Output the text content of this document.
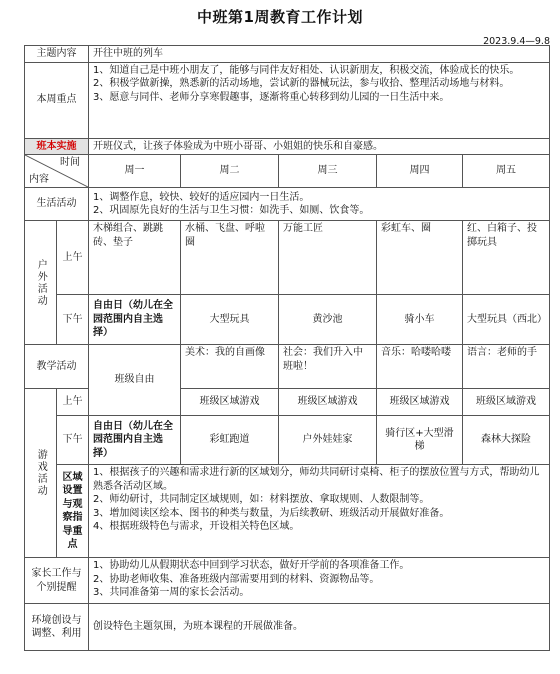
中班第1周教育工作计划
2023.9.4—9.8
主题内容		开往中班的列车				
本周重点		1、知道自己是中班小朋友了，能够与同伴友好相处、认识新朋友，积极交流，体验成长的快乐。
2、积极学做新操，熟悉新的活动场地，尝试新的器械玩法，参与收拾、整理活动场地与材料。
3、愿意与同伴、老师分享寒假趣事，逐渐将重心转移到幼儿园的一日生活中来。				

班本实施		开班仪式，让孩子体验成为中班小哥哥、小姐姐的快乐和自豪感。				

时间
内容		周一	周二	周三	周四	周五
生活活动		1、调整作息，较快、较好的适应园内一日生活。
2、巩固原先良好的生活与卫生习惯：如洗手、如厕、饮食等。				

户外活动	上午	木梯组合、跳跳砖、垫子	水桶、飞盘、呼啦圈	万能工匠	彩虹车、圈	红、白箱子、投掷玩具
	下午	自由日（幼儿在全园范围内自主选择）	大型玩具	黄沙池	骑小车	大型玩具（西北）
教学活动		班级自由	美术：我的自画像	社会：我们升入中班啦！	音乐：哈喽哈喽	语言：老师的手

游戏活动	上午		班级区域游戏	班级区域游戏	班级区域游戏	班级区域游戏
	下午	自由日（幼儿在全园范围内自主选择）	彩虹跑道	户外娃娃家	骑行区+大型滑梯	森林大探险
	区域设置与观察指导重点	1、根据孩子的兴趣和需求进行新的区域划分，师幼共同研讨桌椅、柜子的摆放位置与方式，帮助幼儿熟悉各活动区域。
2、师幼研讨，共同制定区域规则，如：材料摆放、拿取规则、人数限制等。
3、增加阅读区绘本、图书的种类与数量，为后续教研、班级活动开展做好准备。
4、根据班级特色与需求，开设相关特色区域。				

家长工作与个别提醒		1、协助幼儿从假期状态中回到学习状态，做好开学前的各项准备工作。
2、协助老师收集、准备班级内部需要用到的材料、资源物品等。
3、共同准备第一周的家长会活动。				

环境创设与调整、利用		创设特色主题氛围，为班本课程的开展做准备。				
